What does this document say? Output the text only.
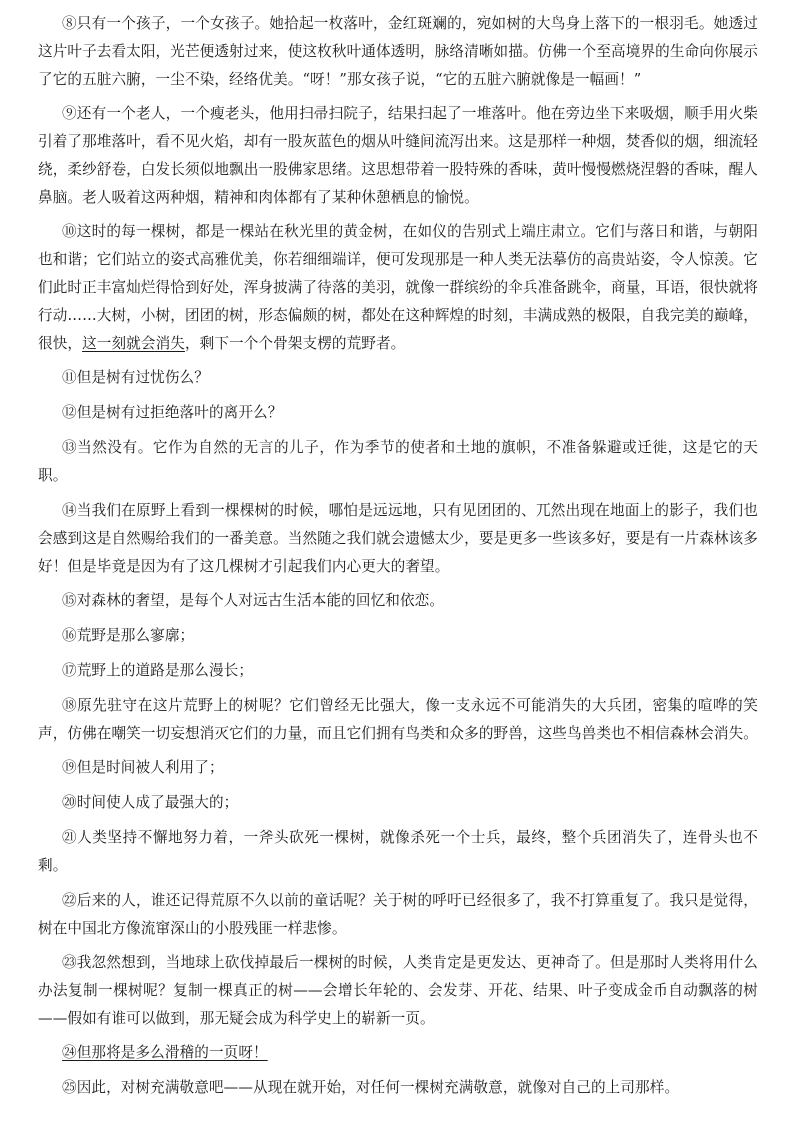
⑧只有一个孩子，一个女孩子。她拾起一枚落叶，金红斑斓的，宛如树的大鸟身上落下的一根羽毛。她透过这片叶子去看太阳，光芒便透射过来，使这枚秋叶通体透明，脉络清晰如描。仿佛一个至高境界的生命向你展示了它的五脏六腑，一尘不染，经络优美。“呀！”那女孩子说，“它的五脏六腑就像是一幅画！”

⑨还有一个老人，一个瘦老头，他用扫帚扫院子，结果扫起了一堆落叶。他在旁边坐下来吸烟，顺手用火柴引着了那堆落叶，看不见火焰，却有一股灰蓝色的烟从叶缝间流泻出来。这是那样一种烟，焚香似的烟，细流轻绕，柔纱舒卷，白发长须似地飘出一股佛家思绪。这思想带着一股特殊的香味，黄叶慢慢燃烧涅磐的香味，醒人鼻脑。老人吸着这两种烟，精神和肉体都有了某种休憩栖息的愉悦。

⑩这时的每一棵树，都是一棵站在秋光里的黄金树，在如仪的告别式上端庄肃立。它们与落日和谐，与朝阳也和谐；它们站立的姿式高雅优美，你若细细端详，便可发现那是一种人类无法摹仿的高贵站姿，令人惊羡。它们此时正丰富灿烂得恰到好处，浑身披满了待落的美羽，就像一群缤纷的伞兵准备跳伞，商量，耳语，很快就将行动……大树，小树，团团的树，形态偏颇的树，都处在这种辉煌的时刻，丰满成熟的极限，自我完美的巅峰，很快，这一刻就会消失，剩下一个个骨架支楞的荒野者。

⑪但是树有过忧伤么？

⑫但是树有过拒绝落叶的离开么？

⑬当然没有。它作为自然的无言的儿子，作为季节的使者和土地的旗帜，不准备躲避或迁徙，这是它的天职。

⑭当我们在原野上看到一棵棵树的时候，哪怕是远远地，只有见团团的、兀然出现在地面上的影子，我们也会感到这是自然赐给我们的一番美意。当然随之我们就会遗憾太少，要是更多一些该多好，要是有一片森林该多好！但是毕竟是因为有了这几棵树才引起我们内心更大的奢望。

⑮对森林的奢望，是每个人对远古生活本能的回忆和依恋。

⑯荒野是那么寥廓；

⑰荒野上的道路是那么漫长；

⑱原先驻守在这片荒野上的树呢？它们曾经无比强大，像一支永远不可能消失的大兵团，密集的喧哗的笑声，仿佛在嘲笑一切妄想消灭它们的力量，而且它们拥有鸟类和众多的野兽，这些鸟兽类也不相信森林会消失。

⑲但是时间被人利用了；

⑳时间使人成了最强大的；

㉑人类坚持不懈地努力着，一斧头砍死一棵树，就像杀死一个士兵，最终，整个兵团消失了，连骨头也不剩。

㉒后来的人，谁还记得荒原不久以前的童话呢？关于树的呼吁已经很多了，我不打算重复了。我只是觉得，树在中国北方像流窜深山的小股残匪一样悲惨。

㉓我忽然想到，当地球上砍伐掉最后一棵树的时候，人类肯定是更发达、更神奇了。但是那时人类将用什么办法复制一棵树呢？复制一棵真正的树——会增长年轮的、会发芽、开花、结果、叶子变成金币自动飘落的树——假如有谁可以做到，那无疑会成为科学史上的崭新一页。

㉔但那将是多么滑稽的一页呀！

㉕因此，对树充满敬意吧——从现在就开始，对任何一棵树充满敬意，就像对自己的上司那样。
